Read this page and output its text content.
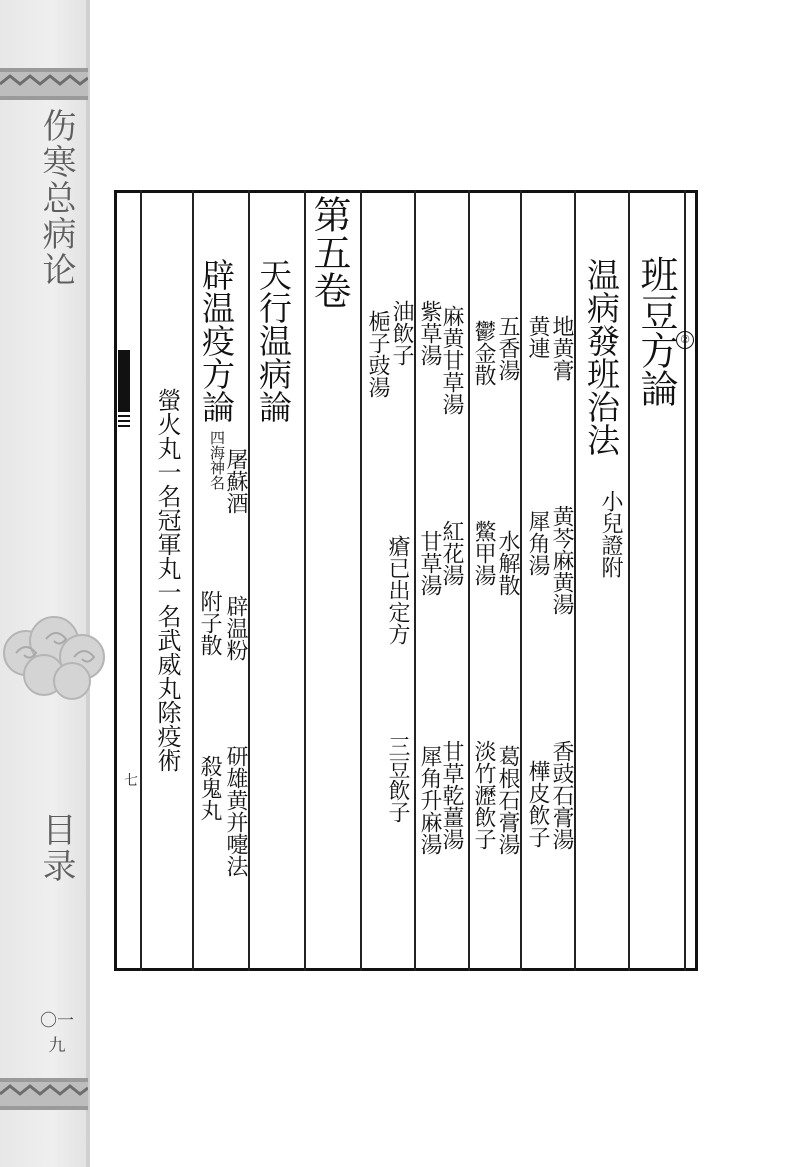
伤寒总病论
目录
〇一九
七
班豆方論 ②
温病發班治法
小兒證附
地黄膏
黄芩麻黄湯
香豉石膏湯
黄連
犀角湯
樺皮飲子
五香湯
水解散
葛根石膏湯
鬱金散
鱉甲湯
淡竹瀝飲子
麻黄甘草湯
紅花湯
甘草乾薑湯
紫草湯
甘草湯
犀角升麻湯
油飲子
瘡已出定方
三豆飲子
梔子豉湯
第五卷
天行温病論
辟温疫方論
四海神名
屠蘇酒
辟温粉
研雄黄并嚏法
附子散
殺鬼丸
螢火丸一名冠軍丸一名武威丸除疫術
